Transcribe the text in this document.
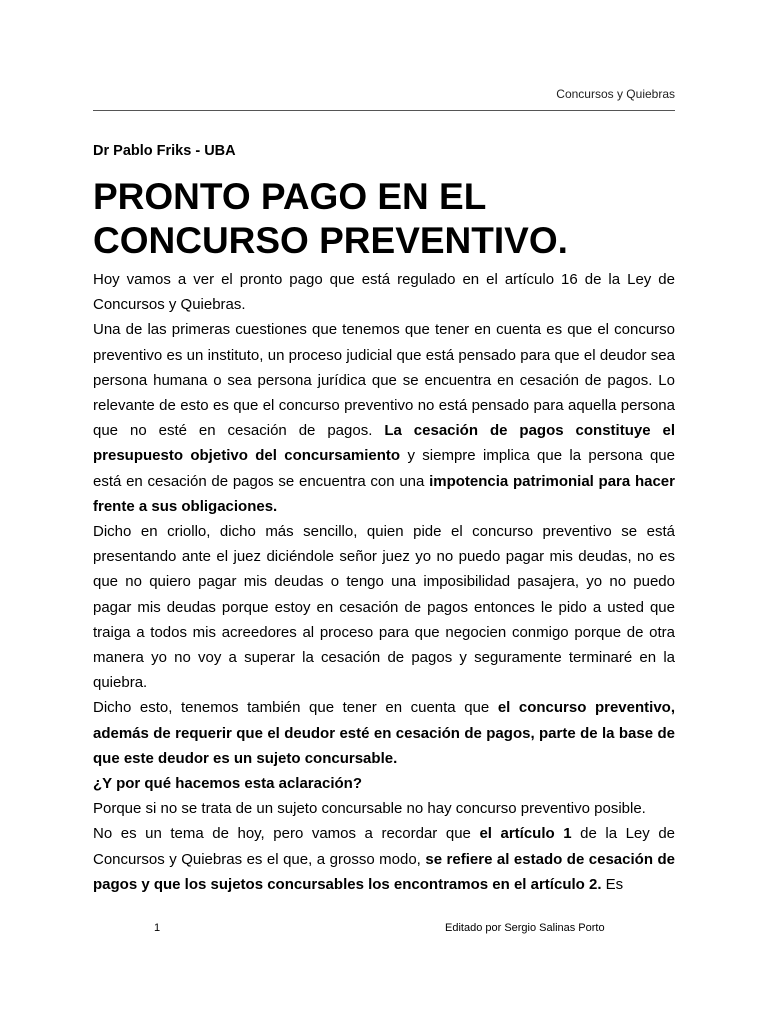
Concursos y Quiebras
Dr Pablo Friks - UBA
PRONTO PAGO EN EL CONCURSO PREVENTIVO.

Hoy vamos a ver el pronto pago que está regulado en el artículo 16 de la Ley de Concursos y Quiebras.

Una de las primeras cuestiones que tenemos que tener en cuenta es que el concurso preventivo es un instituto, un proceso judicial que está pensado para que el deudor sea persona humana o sea persona jurídica que se encuentra en cesación de pagos. Lo relevante de esto es que el concurso preventivo no está pensado para aquella persona que no esté en cesación de pagos. La cesación de pagos constituye el presupuesto objetivo del concursamiento y siempre implica que la persona que está en cesación de pagos se encuentra con una impotencia patrimonial para hacer frente a sus obligaciones.

Dicho en criollo, dicho más sencillo, quien pide el concurso preventivo se está presentando ante el juez diciéndole señor juez yo no puedo pagar mis deudas, no es que no quiero pagar mis deudas o tengo una imposibilidad pasajera, yo no puedo pagar mis deudas porque estoy en cesación de pagos entonces le pido a usted que traiga a todos mis acreedores al proceso para que negocien conmigo porque de otra manera yo no voy a superar la cesación de pagos y seguramente terminaré en la quiebra.

Dicho esto, tenemos también que tener en cuenta que el concurso preventivo, además de requerir que el deudor esté en cesación de pagos, parte de la base de que este deudor es un sujeto concursable.

¿Y por qué hacemos esta aclaración?

Porque si no se trata de un sujeto concursable no hay concurso preventivo posible.

No es un tema de hoy, pero vamos a recordar que el artículo 1 de la Ley de Concursos y Quiebras es el que, a grosso modo, se refiere al estado de cesación de pagos y que los sujetos concursables los encontramos en el artículo 2. Es

1	Editado por Sergio Salinas Porto
